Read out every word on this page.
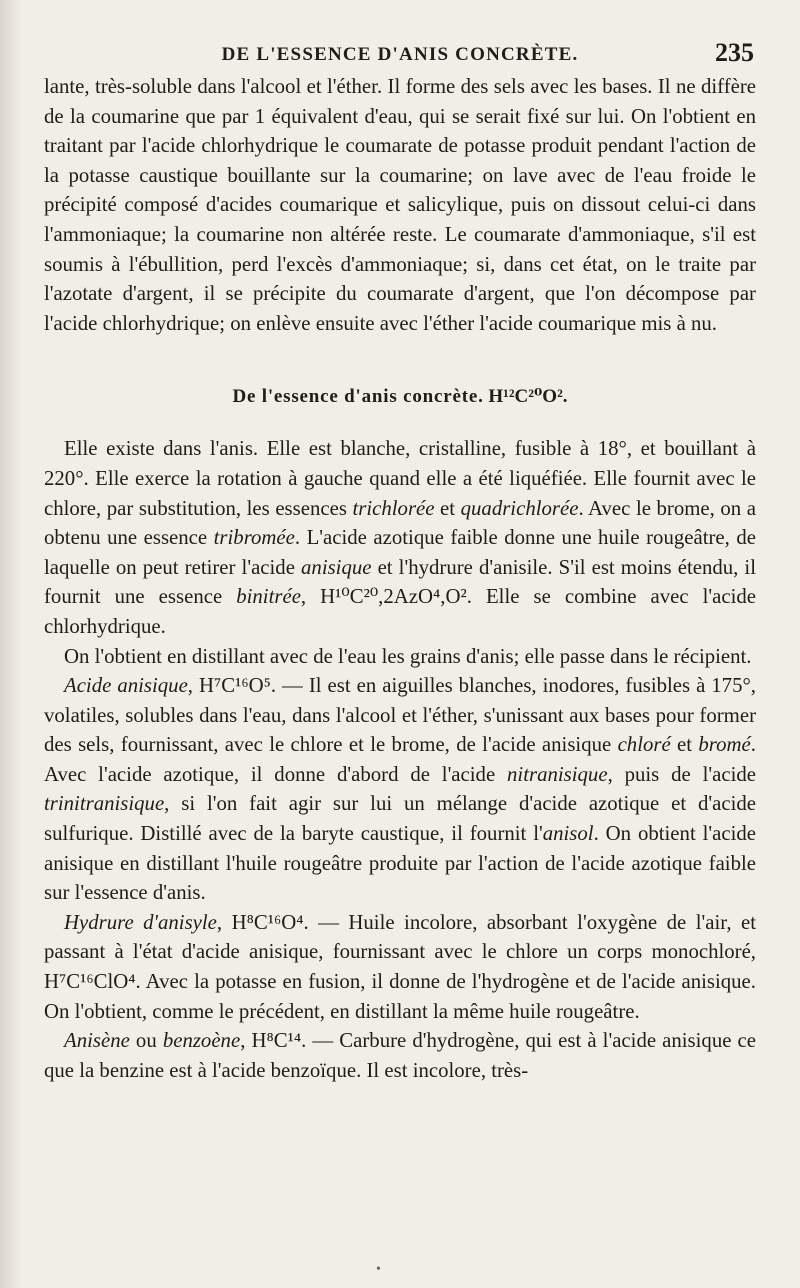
DE L'ESSENCE D'ANIS CONCRÈTE.	235

lante, très-soluble dans l'alcool et l'éther. Il forme des sels avec les bases. Il ne diffère de la coumarine que par 1 équivalent d'eau, qui se serait fixé sur lui. On l'obtient en traitant par l'acide chlorhydrique le coumarate de potasse produit pendant l'action de la potasse caustique bouillante sur la coumarine; on lave avec de l'eau froide le précipité composé d'acides coumarique et salicylique, puis on dissout celui-ci dans l'ammoniaque; la coumarine non altérée reste. Le coumarate d'ammoniaque, s'il est soumis à l'ébullition, perd l'excès d'ammoniaque; si, dans cet état, on le traite par l'azotate d'argent, il se précipite du coumarate d'argent, que l'on décompose par l'acide chlorhydrique; on enlève ensuite avec l'éther l'acide coumarique mis à nu.

De l'essence d'anis concrète. H¹²C²⁰O².

Elle existe dans l'anis. Elle est blanche, cristalline, fusible à 18°, et bouillant à 220°. Elle exerce la rotation à gauche quand elle a été liquéfiée. Elle fournit avec le chlore, par substitution, les essences trichlorée et quadrichlorée. Avec le brome, on a obtenu une essence tribromée. L'acide azotique faible donne une huile rougeâtre, de laquelle on peut retirer l'acide anisique et l'hydrure d'anisile. S'il est moins étendu, il fournit une essence binitrée, H¹⁰C²⁰,2AzO⁴,O². Elle se combine avec l'acide chlorhydrique.

On l'obtient en distillant avec de l'eau les grains d'anis; elle passe dans le récipient.

Acide anisique, H⁷C¹⁶O⁵. — Il est en aiguilles blanches, inodores, fusibles à 175°, volatiles, solubles dans l'eau, dans l'alcool et l'éther, s'unissant aux bases pour former des sels, fournissant, avec le chlore et le brome, de l'acide anisique chloré et bromé. Avec l'acide azotique, il donne d'abord de l'acide nitranisique, puis de l'acide trinitranisique, si l'on fait agir sur lui un mélange d'acide azotique et d'acide sulfurique. Distillé avec de la baryte caustique, il fournit l'anisol. On obtient l'acide anisique en distillant l'huile rougeâtre produite par l'action de l'acide azotique faible sur l'essence d'anis.

Hydrure d'anisyle, H⁸C¹⁶O⁴. — Huile incolore, absorbant l'oxygène de l'air, et passant à l'état d'acide anisique, fournissant avec le chlore un corps monochloré, H⁷C¹⁶ClO⁴. Avec la potasse en fusion, il donne de l'hydrogène et de l'acide anisique. On l'obtient, comme le précédent, en distillant la même huile rougeâtre.

Anisène ou benzoène, H⁸C¹⁴. — Carbure d'hydrogène, qui est à l'acide anisique ce que la benzine est à l'acide benzoïque. Il est incolore, très-

•
